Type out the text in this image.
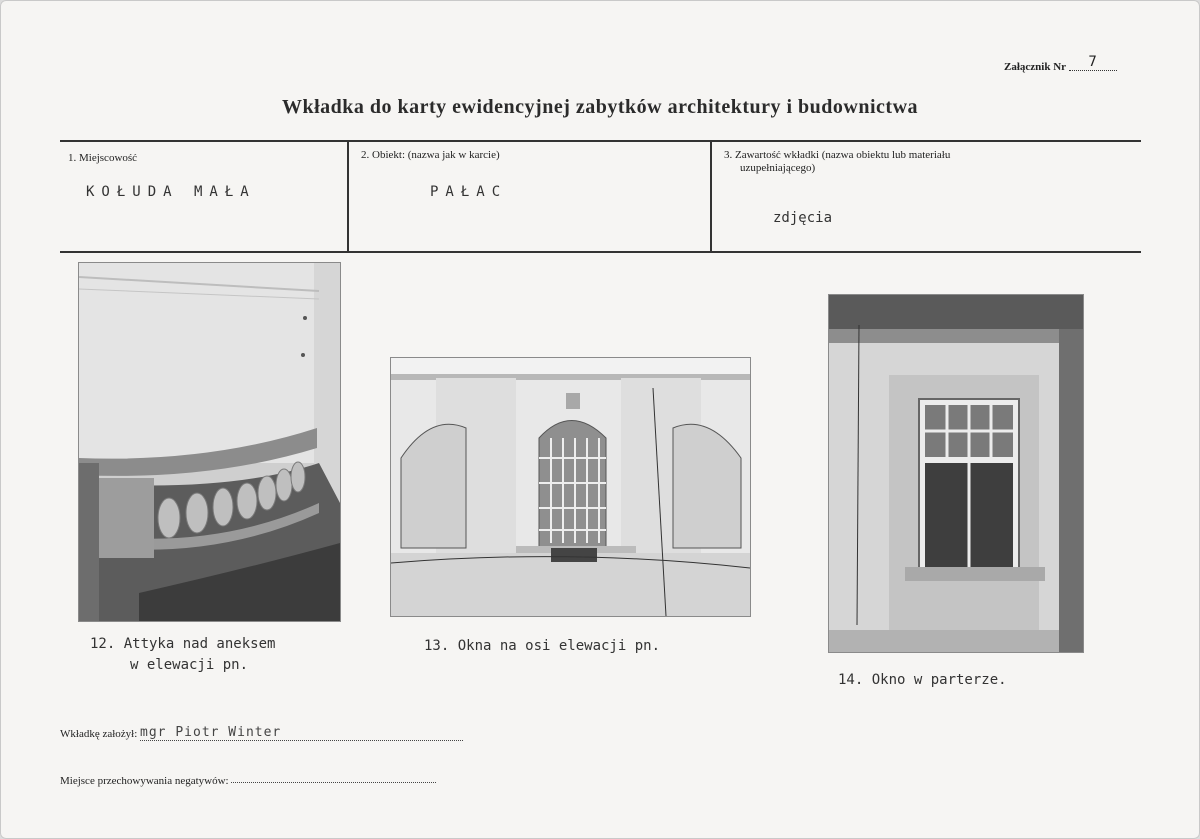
Załącznik Nr 7
Wkładka do karty ewidencyjnej zabytków architektury i budownictwa
1. Miejscowość
KOŁUDA MAŁA
2. Obiekt: (nazwa jak w karcie)
PAŁAC
3. Zawartość wkładki (nazwa obiektu lub materiału
uzupełniającego)
zdjęcia
12. Attyka nad aneksem
w elewacji pn.
13. Okna na osi elewacji pn.
14. Okno w parterze.
Wkładkę założył: mgr Piotr Winter
Miejsce przechowywania negatywów:
